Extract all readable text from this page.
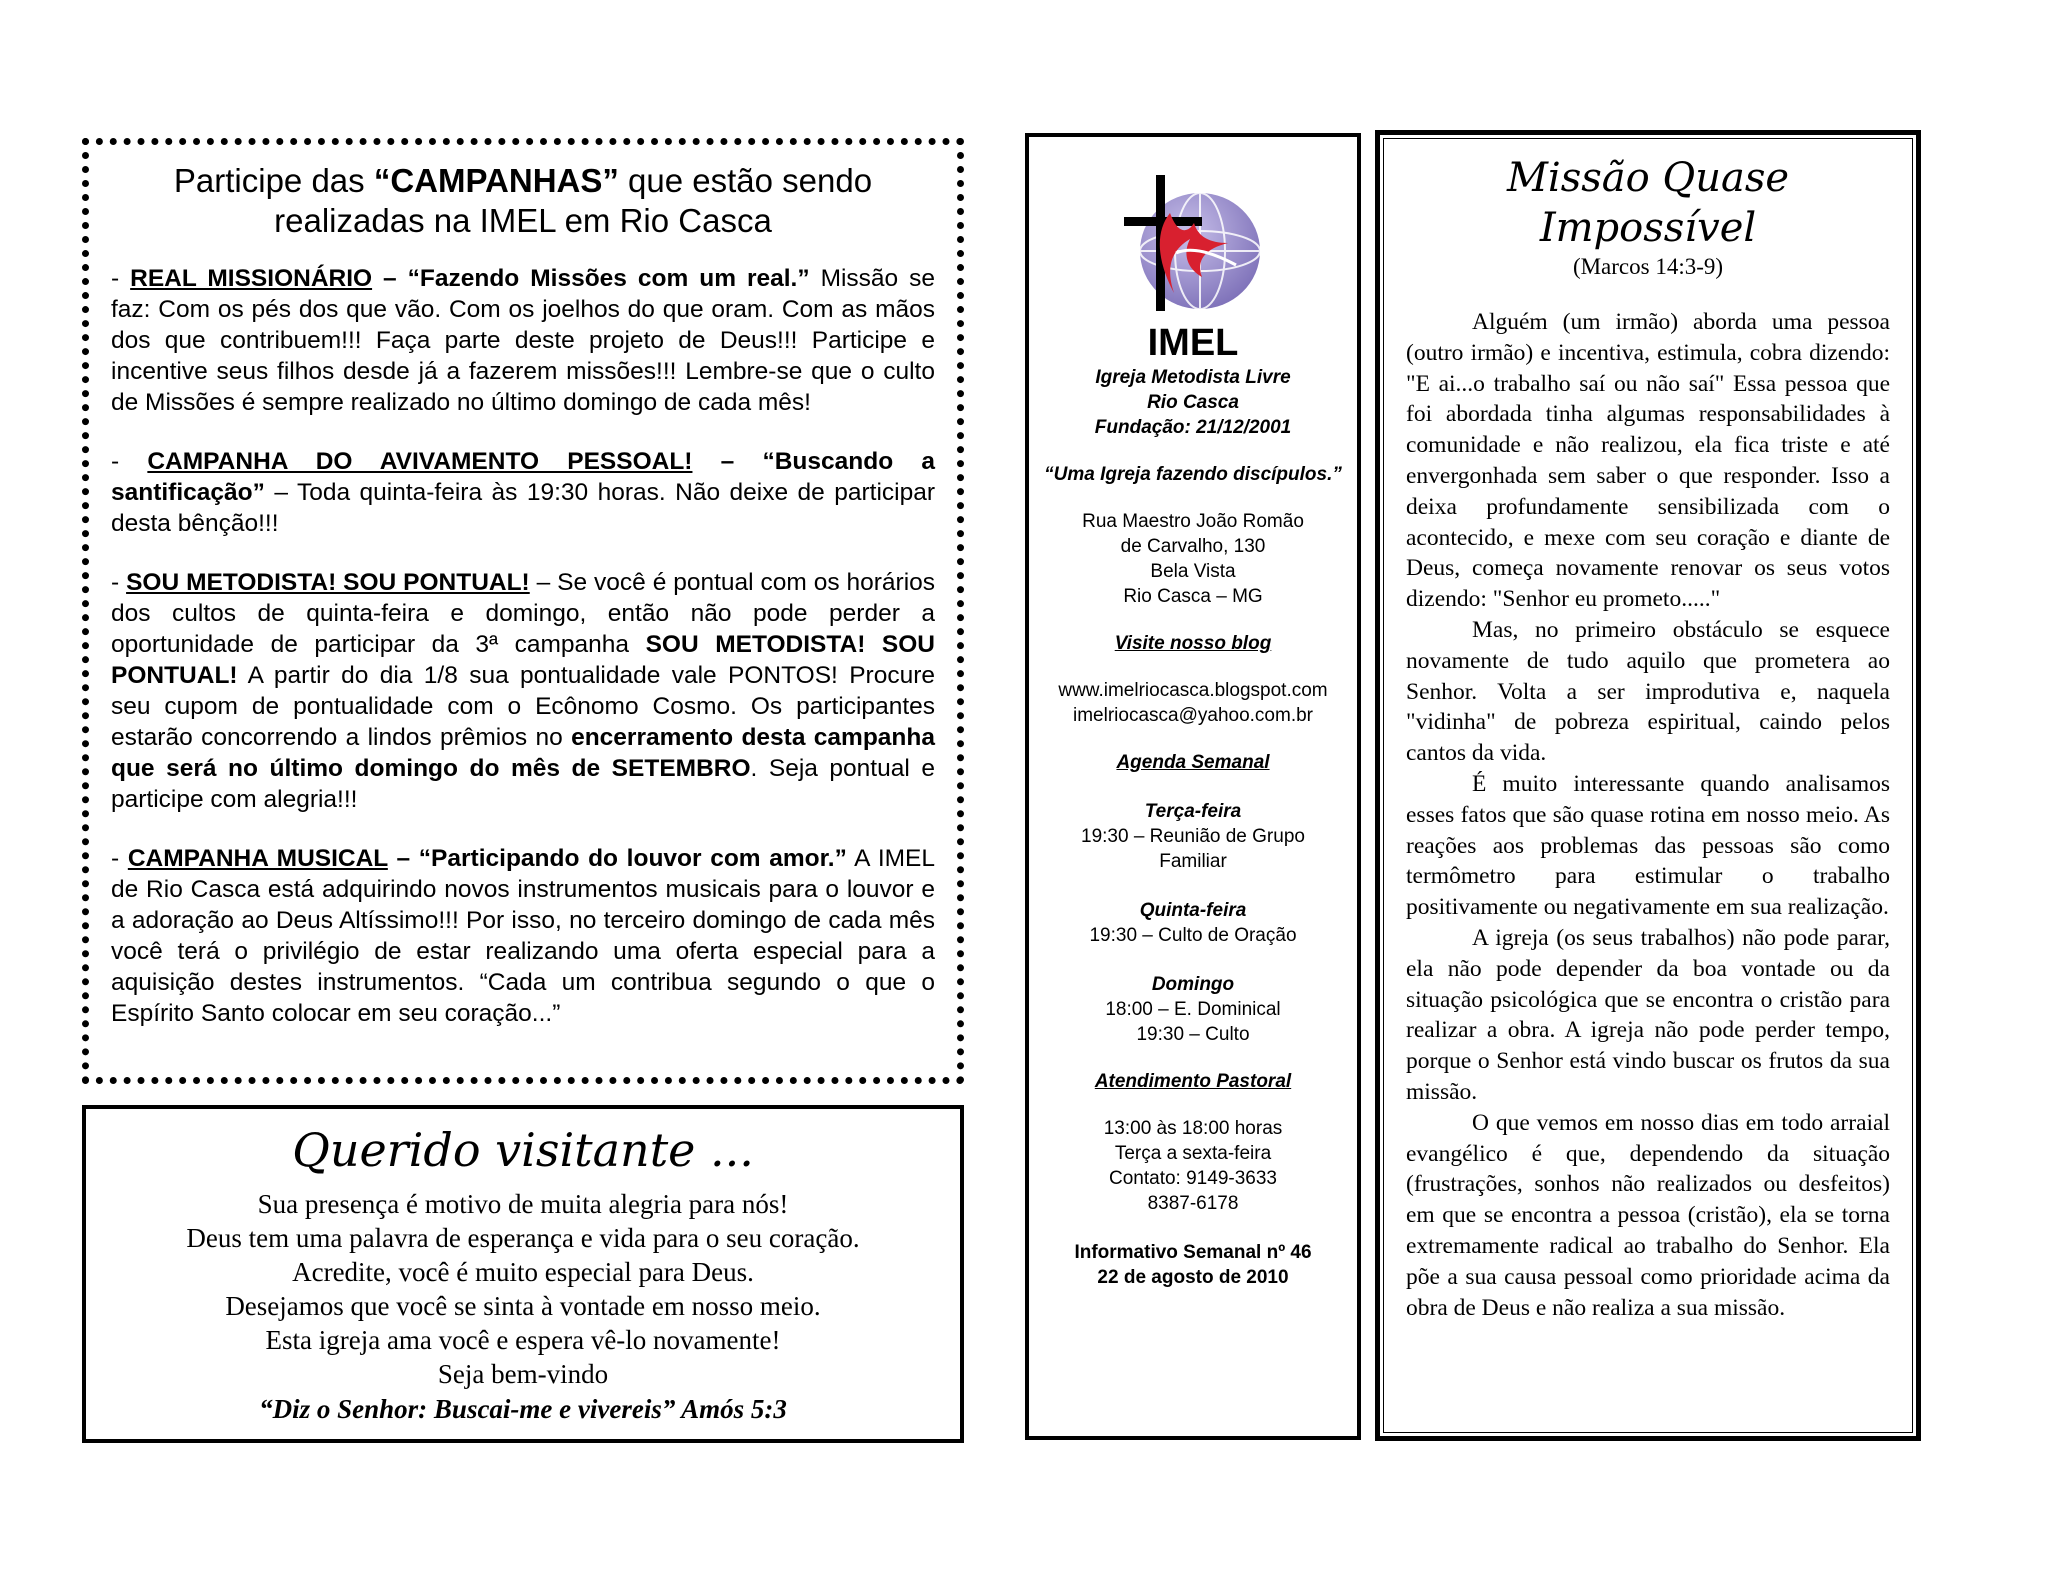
Participe das “CAMPANHAS” que estão sendo realizadas na IMEL em Rio Casca
- REAL MISSIONÁRIO – “Fazendo Missões com um real.” Missão se faz: Com os pés dos que vão. Com os joelhos do que oram. Com as mãos dos que contribuem!!! Faça parte deste projeto de Deus!!! Participe e incentive seus filhos desde já a fazerem missões!!! Lembre-se que o culto de Missões é sempre realizado no último domingo de cada mês!
- CAMPANHA DO AVIVAMENTO PESSOAL! – “Buscando a santificação” – Toda quinta-feira às 19:30 horas. Não deixe de participar desta bênção!!!
- SOU METODISTA! SOU PONTUAL! – Se você é pontual com os horários dos cultos de quinta-feira e domingo, então não pode perder a oportunidade de participar da 3ª campanha SOU METODISTA! SOU PONTUAL! A partir do dia 1/8 sua pontualidade vale PONTOS! Procure seu cupom de pontualidade com o Ecônomo Cosmo. Os participantes estarão concorrendo a lindos prêmios no encerramento desta campanha que será no último domingo do mês de SETEMBRO. Seja pontual e participe com alegria!!!
- CAMPANHA MUSICAL – “Participando do louvor com amor.” A IMEL de Rio Casca está adquirindo novos instrumentos musicais para o louvor e a adoração ao Deus Altíssimo!!! Por isso, no terceiro domingo de cada mês você terá o privilégio de estar realizando uma oferta especial para a aquisição destes instrumentos. “Cada um contribua segundo o que o Espírito Santo colocar em seu coração...”
Querido visitante ...
Sua presença é motivo de muita alegria para nós!
Deus tem uma palavra de esperança e vida para o seu coração.
Acredite, você é muito especial para Deus.
Desejamos que você se sinta à vontade em nosso meio.
Esta igreja ama você e espera vê-lo novamente!
Seja bem-vindo
“Diz o Senhor: Buscai-me e vivereis” Amós 5:3
IMEL
Igreja Metodista Livre
Rio Casca
Fundação: 21/12/2001
“Uma Igreja fazendo discípulos.”
Rua Maestro João Romão
de Carvalho, 130
Bela Vista
Rio Casca – MG
Visite nosso blog
www.imelriocasca.blogspot.com
imelriocasca@yahoo.com.br
Agenda Semanal
Terça-feira
19:30 – Reunião de Grupo
Familiar
Quinta-feira
19:30 – Culto de Oração
Domingo
18:00 – E. Dominical
19:30 – Culto
Atendimento Pastoral
13:00 às 18:00 horas
Terça a sexta-feira
Contato: 9149-3633
8387-6178
Informativo Semanal nº 46
22 de agosto de 2010
Missão Quase Impossível
(Marcos 14:3-9)

Alguém (um irmão) aborda uma pessoa (outro irmão) e incentiva, estimula, cobra dizendo: "E ai...o trabalho saí ou não saí" Essa pessoa que foi abordada tinha algumas responsabilidades à comunidade e não realizou, ela fica triste e até envergonhada sem saber o que responder. Isso a deixa profundamente sensibilizada com o acontecido, e mexe com seu coração e diante de Deus, começa novamente renovar os seus votos dizendo: "Senhor eu prometo....."

Mas, no primeiro obstáculo se esquece novamente de tudo aquilo que prometera ao Senhor. Volta a ser improdutiva e, naquela "vidinha" de pobreza espiritual, caindo pelos cantos da vida.

É muito interessante quando analisamos esses fatos que são quase rotina em nosso meio. As reações aos problemas das pessoas são como termômetro para estimular o trabalho positivamente ou negativamente em sua realização.

A igreja (os seus trabalhos) não pode parar, ela não pode depender da boa vontade ou da situação psicológica que se encontra o cristão para realizar a obra. A igreja não pode perder tempo, porque o Senhor está vindo buscar os frutos da sua missão.

O que vemos em nosso dias em todo arraial evangélico é que, dependendo da situação (frustrações, sonhos não realizados ou desfeitos) em que se encontra a pessoa (cristão), ela se torna extremamente radical ao trabalho do Senhor. Ela põe a sua causa pessoal como prioridade acima da obra de Deus e não realiza a sua missão.
